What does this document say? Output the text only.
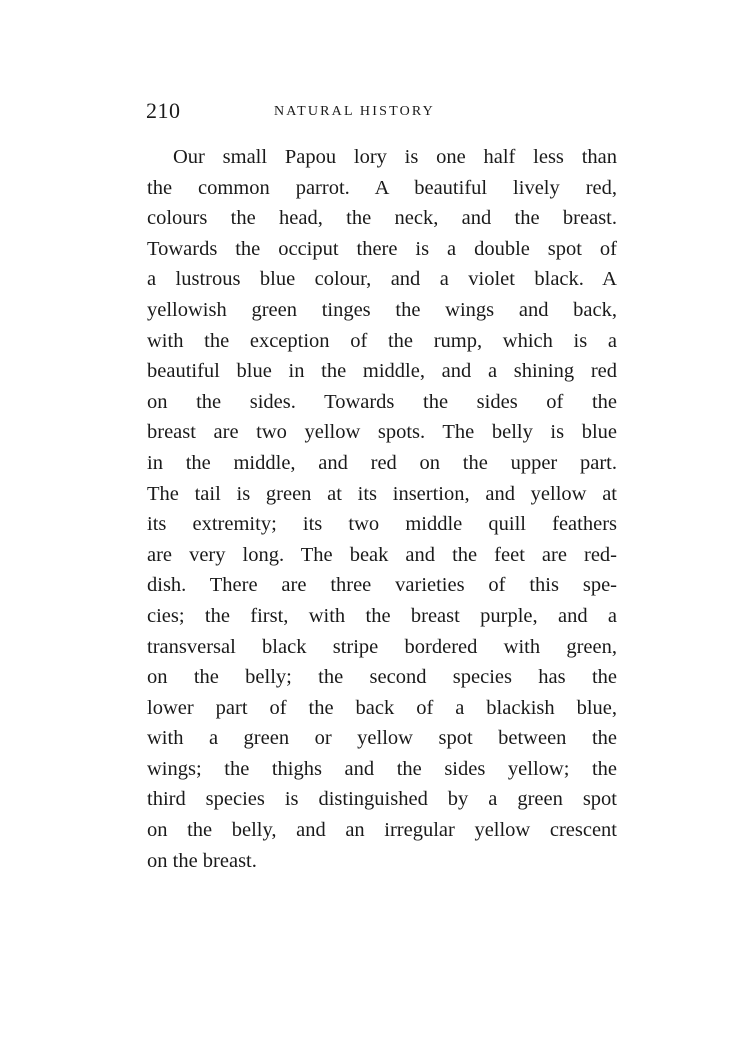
210	NATURAL HISTORY
Our small Papou lory is one half less than
the common parrot. A beautiful lively red,
colours the head, the neck, and the breast.
Towards the occiput there is a double spot of
a lustrous blue colour, and a violet black. A
yellowish green tinges the wings and back,
with the exception of the rump, which is a
beautiful blue in the middle, and a shining red
on the sides. Towards the sides of the
breast are two yellow spots. The belly is blue
in the middle, and red on the upper part.
The tail is green at its insertion, and yellow at
its extremity; its two middle quill feathers
are very long. The beak and the feet are red-
dish. There are three varieties of this spe-
cies; the first, with the breast purple, and a
transversal black stripe bordered with green,
on the belly; the second species has the
lower part of the back of a blackish blue,
with a green or yellow spot between the
wings; the thighs and the sides yellow; the
third species is distinguished by a green spot
on the belly, and an irregular yellow crescent
on the breast.
